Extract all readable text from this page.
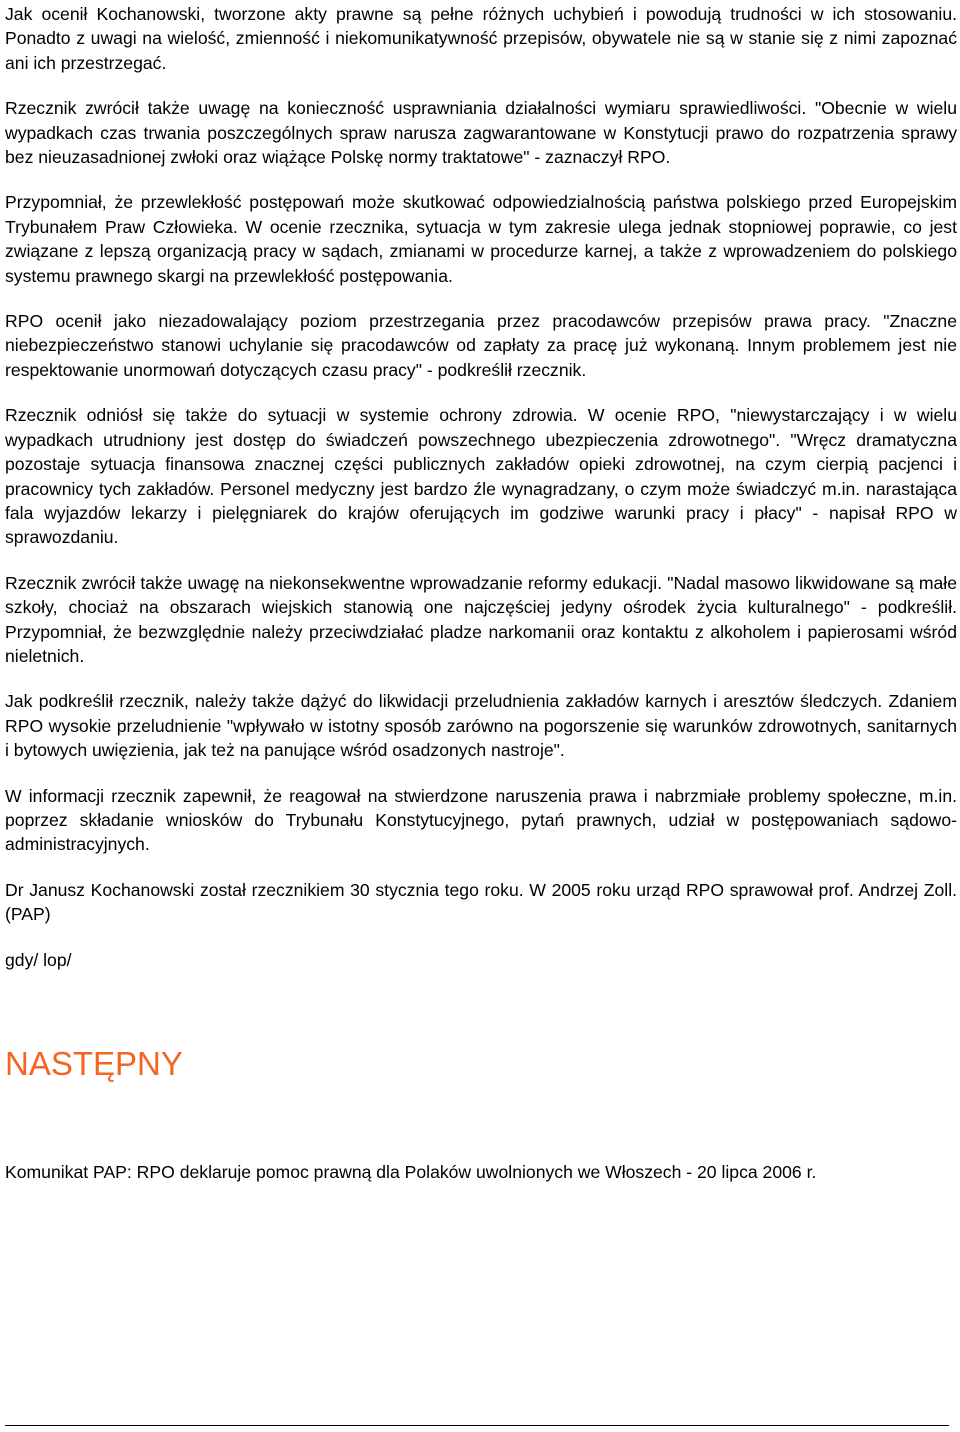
Jak ocenił Kochanowski, tworzone akty prawne są pełne różnych uchybień i powodują trudności w ich stosowaniu. Ponadto z uwagi na wielość, zmienność i niekomunikatywność przepisów, obywatele nie są w stanie się z nimi zapoznać ani ich przestrzegać.

Rzecznik zwrócił także uwagę na konieczność usprawniania działalności wymiaru sprawiedliwości. "Obecnie w wielu wypadkach czas trwania poszczególnych spraw narusza zagwarantowane w Konstytucji prawo do rozpatrzenia sprawy bez nieuzasadnionej zwłoki oraz wiążące Polskę normy traktatowe" - zaznaczył RPO.

Przypomniał, że przewlekłość postępowań może skutkować odpowiedzialnością państwa polskiego przed Europejskim Trybunałem Praw Człowieka. W ocenie rzecznika, sytuacja w tym zakresie ulega jednak stopniowej poprawie, co jest związane z lepszą organizacją pracy w sądach, zmianami w procedurze karnej, a także z wprowadzeniem do polskiego systemu prawnego skargi na przewlekłość postępowania.

RPO ocenił jako niezadowalający poziom przestrzegania przez pracodawców przepisów prawa pracy. "Znaczne niebezpieczeństwo stanowi uchylanie się pracodawców od zapłaty za pracę już wykonaną. Innym problemem jest nie respektowanie unormowań dotyczących czasu pracy" - podkreślił rzecznik.

Rzecznik odniósł się także do sytuacji w systemie ochrony zdrowia. W ocenie RPO, "niewystarczający i w wielu wypadkach utrudniony jest dostęp do świadczeń powszechnego ubezpieczenia zdrowotnego". "Wręcz dramatyczna pozostaje sytuacja finansowa znacznej części publicznych zakładów opieki zdrowotnej, na czym cierpią pacjenci i pracownicy tych zakładów. Personel medyczny jest bardzo źle wynagradzany, o czym może świadczyć m.in. narastająca fala wyjazdów lekarzy i pielęgniarek do krajów oferujących im godziwe warunki pracy i płacy" - napisał RPO w sprawozdaniu.

Rzecznik zwrócił także uwagę na niekonsekwentne wprowadzanie reformy edukacji. "Nadal masowo likwidowane są małe szkoły, chociaż na obszarach wiejskich stanowią one najczęściej jedyny ośrodek życia kulturalnego" - podkreślił. Przypomniał, że bezwzględnie należy przeciwdziałać pladze narkomanii oraz kontaktu z alkoholem i papierosami wśród nieletnich.

Jak podkreślił rzecznik, należy także dążyć do likwidacji przeludnienia zakładów karnych i aresztów śledczych. Zdaniem RPO wysokie przeludnienie "wpływało w istotny sposób zarówno na pogorszenie się warunków zdrowotnych, sanitarnych i bytowych uwięzienia, jak też na panujące wśród osadzonych nastroje".

W informacji rzecznik zapewnił, że reagował na stwierdzone naruszenia prawa i nabrzmiałe problemy społeczne, m.in. poprzez składanie wniosków do Trybunału Konstytucyjnego, pytań prawnych, udział w postępowaniach sądowo-administracyjnych.

Dr Janusz Kochanowski został rzecznikiem 30 stycznia tego roku. W 2005 roku urząd RPO sprawował prof. Andrzej Zoll. (PAP)

gdy/ lop/

NASTĘPNY

Komunikat PAP: RPO deklaruje pomoc prawną dla Polaków uwolnionych we Włoszech - 20 lipca 2006 r.
